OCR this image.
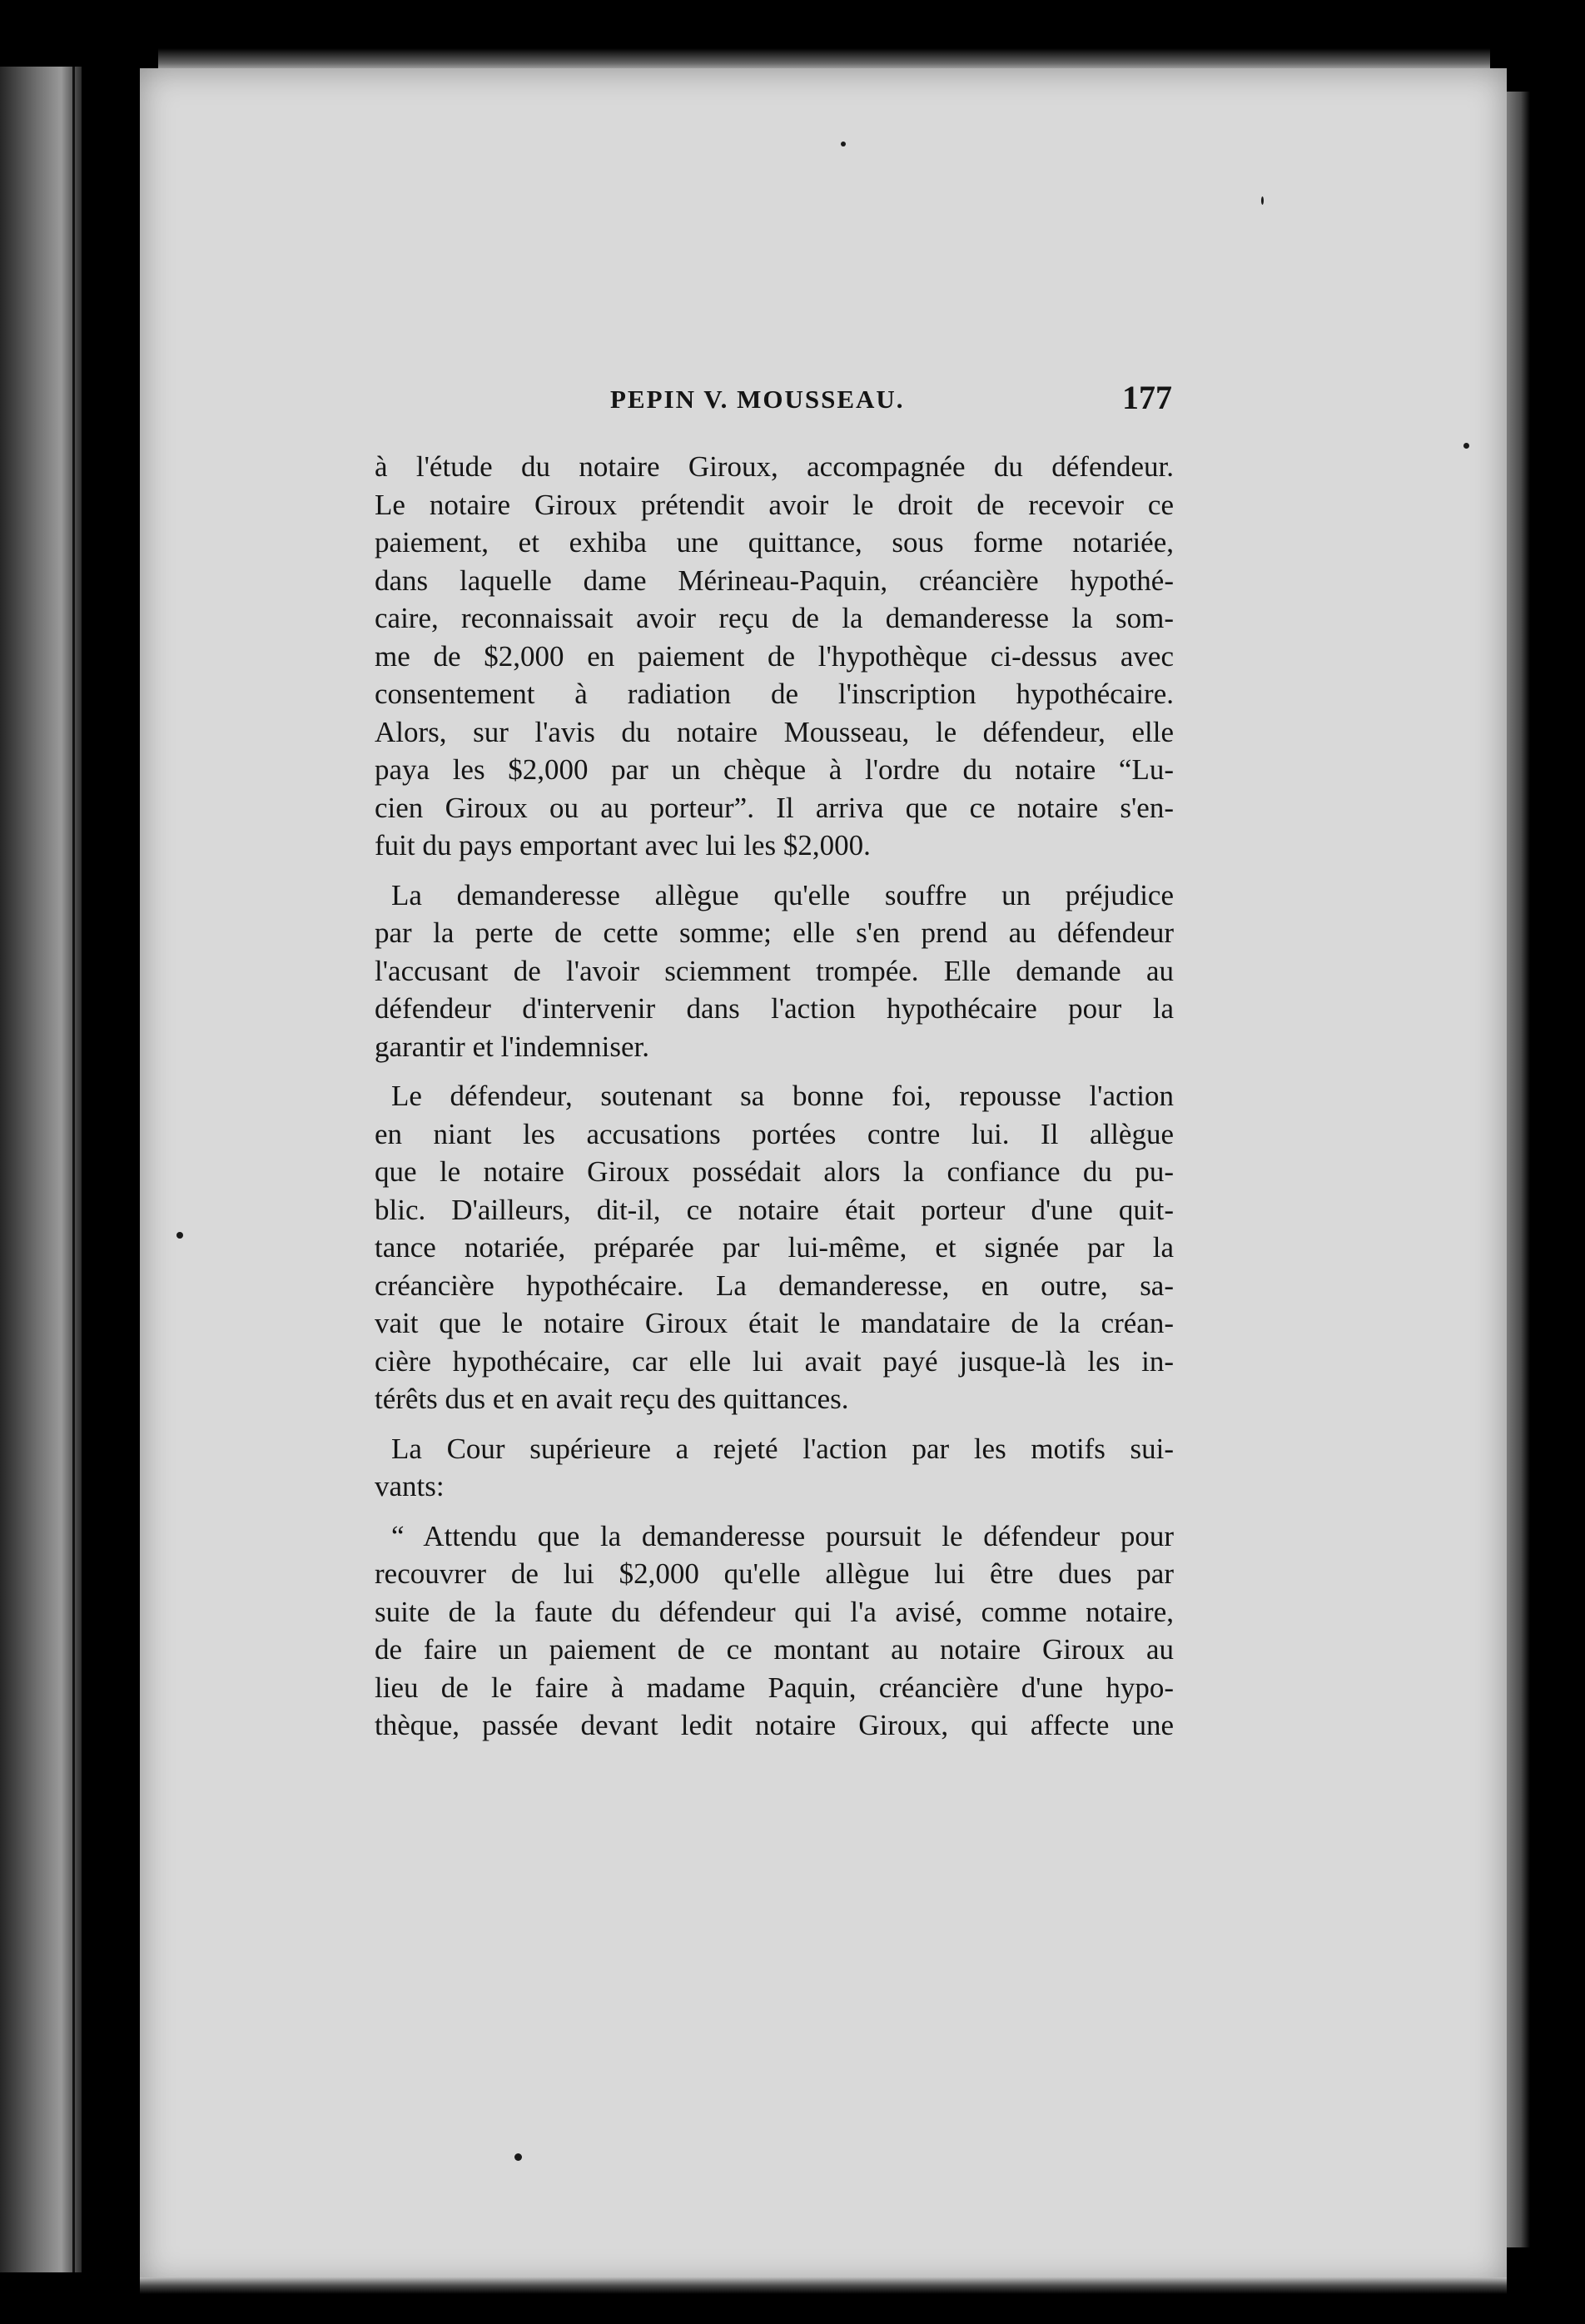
PEPIN V. MOUSSEAU.	177
à l'étude du notaire Giroux, accompagnée du défendeur.
Le notaire Giroux prétendit avoir le droit de recevoir ce
paiement, et exhiba une quittance, sous forme notariée,
dans laquelle dame Mérineau-Paquin, créancière hypothé-
caire, reconnaissait avoir reçu de la demanderesse la som-
me de $2,000 en paiement de l'hypothèque ci-dessus avec
consentement à radiation de l'inscription hypothécaire.
Alors, sur l'avis du notaire Mousseau, le défendeur, elle
paya les $2,000 par un chèque à l'ordre du notaire “Lu-
cien Giroux ou au porteur”. Il arriva que ce notaire s'en-
fuit du pays emportant avec lui les $2,000.
La demanderesse allègue qu'elle souffre un préjudice
par la perte de cette somme; elle s'en prend au défendeur
l'accusant de l'avoir sciemment trompée. Elle demande au
défendeur d'intervenir dans l'action hypothécaire pour la
garantir et l'indemniser.
Le défendeur, soutenant sa bonne foi, repousse l'action
en niant les accusations portées contre lui. Il allègue
que le notaire Giroux possédait alors la confiance du pu-
blic. D'ailleurs, dit-il, ce notaire était porteur d'une quit-
tance notariée, préparée par lui-même, et signée par la
créancière hypothécaire. La demanderesse, en outre, sa-
vait que le notaire Giroux était le mandataire de la créan-
cière hypothécaire, car elle lui avait payé jusque-là les in-
térêts dus et en avait reçu des quittances.
La Cour supérieure a rejeté l'action par les motifs sui-
vants:
“ Attendu que la demanderesse poursuit le défendeur pour
recouvrer de lui $2,000 qu'elle allègue lui être dues par
suite de la faute du défendeur qui l'a avisé, comme notaire,
de faire un paiement de ce montant au notaire Giroux au
lieu de le faire à madame Paquin, créancière d'une hypo-
thèque, passée devant ledit notaire Giroux, qui affecte une
